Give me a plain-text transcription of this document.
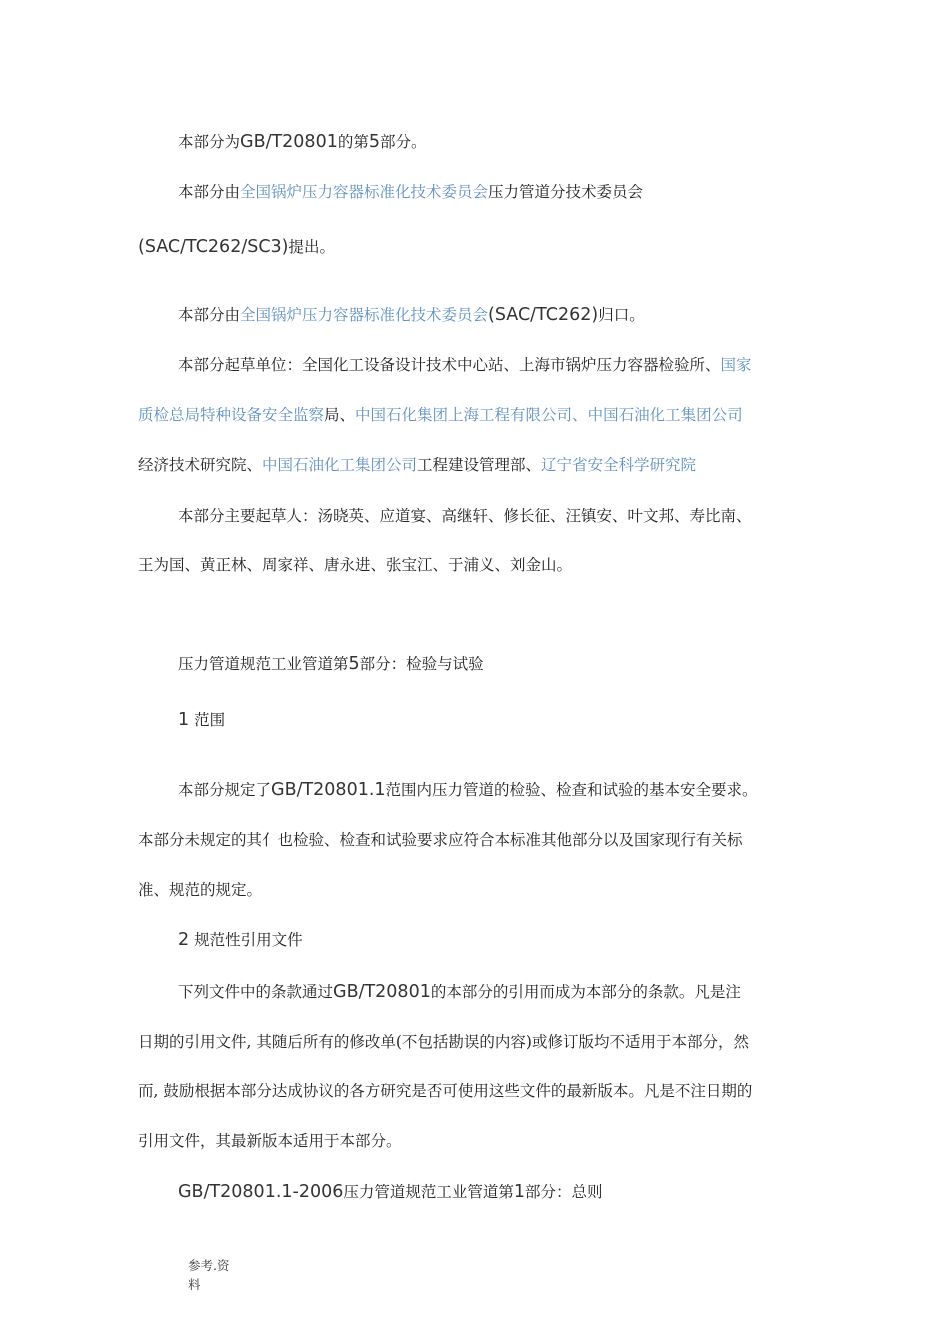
本部分为GB/T20801的第5部分。
本部分由全国锅炉压力容器标准化技术委员会压力管道分技术委员会
(SAC/TC262/SC3)提出。
本部分由全国锅炉压力容器标准化技术委员会(SAC/TC262)归口。
本部分起草单位：全国化工设备设计技术中心站、上海市锅炉压力容器检验所、国家
质检总局特种设备安全监察局、中国石化集团上海工程有限公司、中国石油化工集团公司
经济技术研究院、中国石油化工集团公司工程建设管理部、辽宁省安全科学研究院
本部分主要起草人：汤晓英、应道宴、高继轩、修长征、汪镇安、叶文邦、寿比南、
王为国、黄正林、周家祥、唐永进、张宝江、于浦义、刘金山。
压力管道规范工业管道第5部分：检验与试验
1 范围
本部分规定了GB/T20801.1范围内压力管道的检验、检查和试验的基本安全要求。
本部分未规定的其⺅也检验、检查和试验要求应符合本标准其他部分以及国家现行有关标
准、规范的规定。
2 规范性引用文件
下列文件中的条款通过GB/T20801的本部分的引用而成为本部分的条款。凡是注
日期的引用文件, 其随后所有的修改单(不包括勘误的内容)或修订版均不适用于本部分，然
而, 鼓励根据本部分达成协议的各方研究是否可使用这些文件的最新版本。凡是不注日期的
引用文件，其最新版本适用于本部分。
GB/T20801.1-2006压力管道规范工业管道第1部分：总则
参考.资
料
